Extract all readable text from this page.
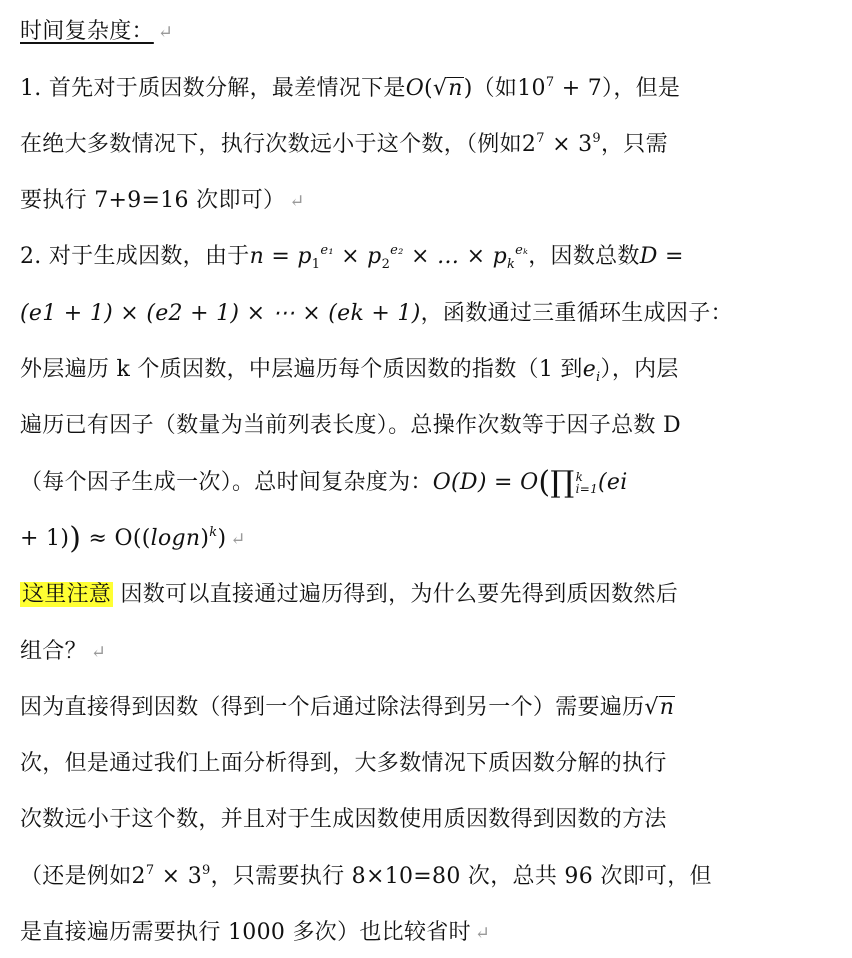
时间复杂度： ↵
1. 首先对于质因数分解，最差情况下是O(√n)（如$10^7 + 7$），但是
在绝大多数情况下，执行次数远小于这个数，（例如$2^7 \times 3^9$，只需
要执行 7+9=16 次即可） ↵
2. 对于生成因数，由于$n = p_1^{e_1} \times p_2^{e_2}$ × … × $p_k^{e_k}$，因数总数D =
(e1 + 1) × (e2 + 1) × ⋯ × (ek + 1)，函数通过三重循环生成因子：
外层遍历 k 个质因数，中层遍历每个质因数的指数（1 到$e_i$），内层
遍历已有因子（数量为当前列表长度）。总操作次数等于因子总数 D
（每个因子生成一次）。总时间复杂度为：O(D) = O(∏k
i=1(ei
+ $1)) \approx O((\log n)^k)$ ↵
这里注意 因数可以直接通过遍历得到，为什么要先得到质因数然后
组合？ ↵
因为直接得到因数（得到一个后通过除法得到另一个）需要遍历√n
次，但是通过我们上面分析得到，大多数情况下质因数分解的执行
次数远小于这个数，并且对于生成因数使用质因数得到因数的方法
（还是例如$2^7 \times 3^9$，只需要执行 8×10=80 次，总共 96 次即可，但
是直接遍历需要执行 1000 多次）也比较省时 ↵
